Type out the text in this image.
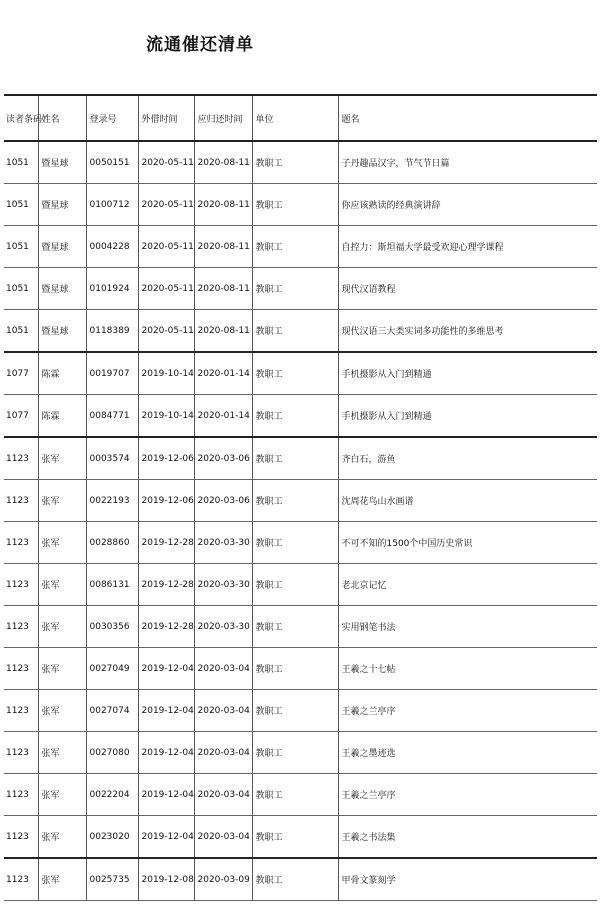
流通催还清单
读者条码	姓名	登录号	外借时间	应归还时间	单位	题名
1051	暨星球	0050151	2020-05-11	2020-08-11	教职工	子丹趣品汉字，节气节日篇
1051	暨星球	0100712	2020-05-11	2020-08-11	教职工	你应该熟读的经典演讲辞
1051	暨星球	0004228	2020-05-11	2020-08-11	教职工	自控力：斯坦福大学最受欢迎心理学课程
1051	暨星球	0101924	2020-05-11	2020-08-11	教职工	现代汉语教程
1051	暨星球	0118389	2020-05-11	2020-08-11	教职工	现代汉语三大类实词多功能性的多维思考
1077	陈霖	0019707	2019-10-14	2020-01-14	教职工	手机摄影从入门到精通
1077	陈霖	0084771	2019-10-14	2020-01-14	教职工	手机摄影从入门到精通
1123	张军	0003574	2019-12-06	2020-03-06	教职工	齐白石，游鱼
1123	张军	0022193	2019-12-06	2020-03-06	教职工	沈周花鸟山水画谱
1123	张军	0028860	2019-12-28	2020-03-30	教职工	不可不知的1500个中国历史常识
1123	张军	0086131	2019-12-28	2020-03-30	教职工	老北京记忆
1123	张军	0030356	2019-12-28	2020-03-30	教职工	实用钢笔书法
1123	张军	0027049	2019-12-04	2020-03-04	教职工	王羲之十七帖
1123	张军	0027074	2019-12-04	2020-03-04	教职工	王羲之兰亭序
1123	张军	0027080	2019-12-04	2020-03-04	教职工	王羲之墨迹选
1123	张军	0022204	2019-12-04	2020-03-04	教职工	王羲之兰亭序
1123	张军	0023020	2019-12-04	2020-03-04	教职工	王羲之书法集
1123	张军	0025735	2019-12-08	2020-03-09	教职工	甲骨文篆刻学
